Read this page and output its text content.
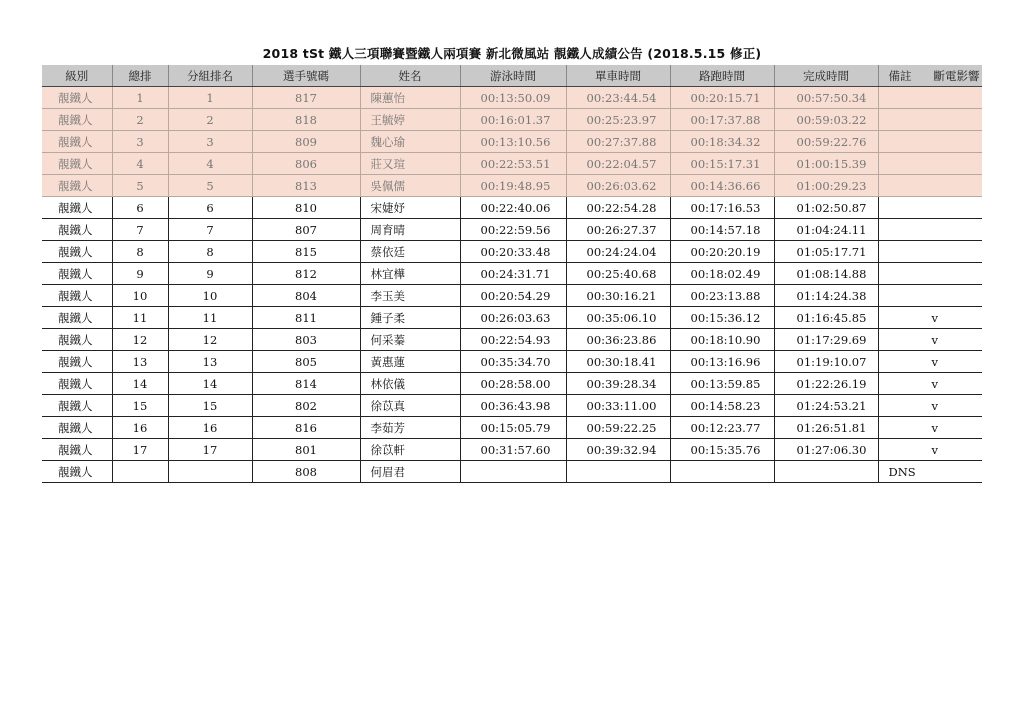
2018 tSt 鐵人三項聯賽暨鐵人兩項賽 新北微風站 靚鐵人成績公告 (2018.5.15 修正)
級別	總排	分組排名	選手號碼	姓名	游泳時間	單車時間	路跑時間	完成時間	備註 斷電影響
靚鐵人	1	1	817	陳蕙怡	00:13:50.09	00:23:44.54	00:20:15.71	00:57:50.34	

靚鐵人	2	2	818	王毓婷	00:16:01.37	00:25:23.97	00:17:37.88	00:59:03.22	

靚鐵人	3	3	809	魏心瑜	00:13:10.56	00:27:37.88	00:18:34.32	00:59:22.76	

靚鐵人	4	4	806	莊又瑄	00:22:53.51	00:22:04.57	00:15:17.31	01:00:15.39	

靚鐵人	5	5	813	吳佩儒	00:19:48.95	00:26:03.62	00:14:36.66	01:00:29.23	

靚鐵人	6	6	810	宋婕妤	00:22:40.06	00:22:54.28	00:17:16.53	01:02:50.87	

靚鐵人	7	7	807	周育晴	00:22:59.56	00:26:27.37	00:14:57.18	01:04:24.11	

靚鐵人	8	8	815	蔡依廷	00:20:33.48	00:24:24.04	00:20:20.19	01:05:17.71	

靚鐵人	9	9	812	林宜樺	00:24:31.71	00:25:40.68	00:18:02.49	01:08:14.88	

靚鐵人	10	10	804	李玉美	00:20:54.29	00:30:16.21	00:23:13.88	01:14:24.38	

靚鐵人	11	11	811	鍾子柔	00:26:03.63	00:35:06.10	00:15:36.12	01:16:45.85	v

靚鐵人	12	12	803	何采蓁	00:22:54.93	00:36:23.86	00:18:10.90	01:17:29.69	v

靚鐵人	13	13	805	黃惠蓮	00:35:34.70	00:30:18.41	00:13:16.96	01:19:10.07	v

靚鐵人	14	14	814	林依儀	00:28:58.00	00:39:28.34	00:13:59.85	01:22:26.19	v

靚鐵人	15	15	802	徐苡真	00:36:43.98	00:33:11.00	00:14:58.23	01:24:53.21	v

靚鐵人	16	16	816	李茹芳	00:15:05.79	00:59:22.25	00:12:23.77	01:26:51.81	v

靚鐵人	17	17	801	徐苡軒	00:31:57.60	00:39:32.94	00:15:35.76	01:27:06.30	v

靚鐵人			808	何眉君					DNS
